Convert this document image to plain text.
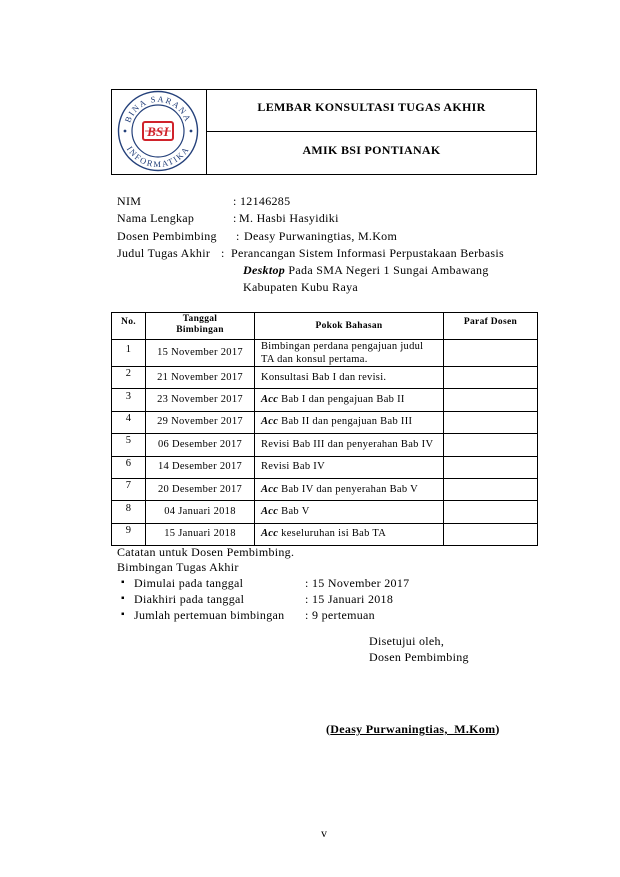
BINA SARANA
INFORMATIKA
BSI
LEMBAR KONSULTASI TUGAS AKHIR
AMIK BSI PONTIANAK
NIM	: 12146285
Nama Lengkap	: M. Hasbi Hasyidiki
Dosen Pembimbing : Deasy Purwaningtias, M.Kom
Judul Tugas Akhir : Perancangan Sistem Informasi Perpustakaan Berbasis
Desktop Pada SMA Negeri 1 Sungai Ambawang
Kabupaten Kubu Raya
No.	Tanggal Bimbingan	Pokok Bahasan	Paraf Dosen
1	15 November 2017	Bimbingan perdana pengajuan judul TA dan konsul pertama.	
2	21 November 2017	Konsultasi Bab I dan revisi.	
3	23 November 2017	Acc Bab I dan pengajuan Bab II	
4	29 November 2017	Acc Bab II dan pengajuan Bab III	
5	06 Desember 2017	Revisi Bab III dan penyerahan Bab IV	
6	14 Desember 2017	Revisi Bab IV	
7	20 Desember 2017	Acc Bab IV dan penyerahan Bab V	
8	04 Januari 2018	Acc Bab V	
9	15 Januari 2018	Acc keseluruhan isi Bab TA	
Catatan untuk Dosen Pembimbing.
Bimbingan Tugas Akhir
▪ Dimulai pada tanggal	: 15 November 2017
▪ Diakhiri pada tanggal	: 15 Januari 2018
▪ Jumlah pertemuan bimbingan : 9 pertemuan
Disetujui oleh,
Dosen Pembimbing
(Deasy Purwaningtias,  M.Kom)
v
